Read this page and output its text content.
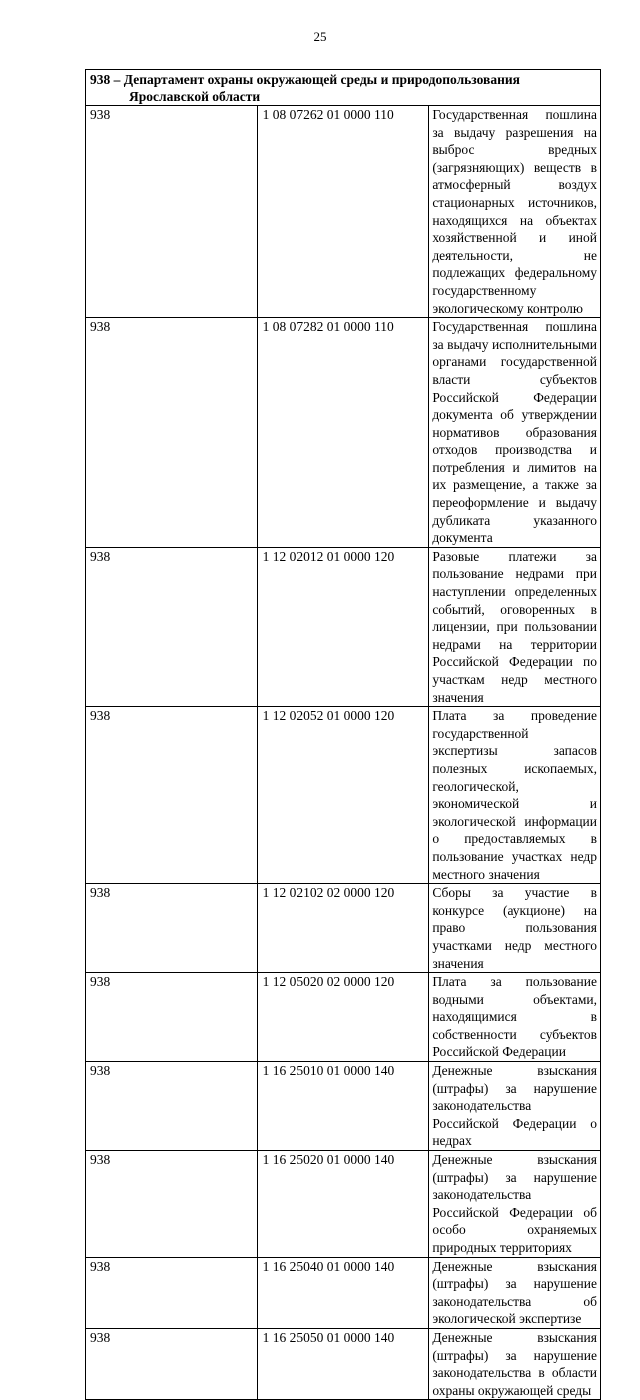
25
938 – Департамент охраны окружающей среды и природопользования
Ярославской области		

938	1 08 07262 01 0000 110	Государственная пошлина за выдачу разрешения на выброс вредных (загрязняющих) веществ в атмосферный воздух стационарных источников, находящихся на объектах хозяйственной и иной деятельности, не подлежащих федеральному государственному экологическому контролю
938	1 08 07282 01 0000 110	Государственная пошлина за выдачу исполнительными органами государственной власти субъектов Российской Федерации документа об утверждении нормативов образования отходов производства и потребления и лимитов на их размещение, а также за переоформление и выдачу дубликата указанного документа
938	1 12 02012 01 0000 120	Разовые платежи за пользование недрами при наступлении определенных событий, оговоренных в лицензии, при пользовании недрами на территории Российской Федерации по участкам недр местного значения
938	1 12 02052 01 0000 120	Плата за проведение государственной экспертизы запасов полезных ископаемых, геологической, экономической и экологической информации о предоставляемых в пользование участках недр местного значения
938	1 12 02102 02 0000 120	Сборы за участие в конкурсе (аукционе) на право пользования участками недр местного значения
938	1 12 05020 02 0000 120	Плата за пользование водными объектами, находящимися в собственности субъектов Российской Федерации
938	1 16 25010 01 0000 140	Денежные взыскания (штрафы) за нарушение законодательства Российской Федерации о недрах
938	1 16 25020 01 0000 140	Денежные взыскания (штрафы) за нарушение законодательства Российской Федерации об особо охраняемых природных территориях
938	1 16 25040 01 0000 140	Денежные взыскания (штрафы) за нарушение законодательства об экологической экспертизе
938	1 16 25050 01 0000 140	Денежные взыскания (штрафы) за нарушение законодательства в области охраны окружающей среды
